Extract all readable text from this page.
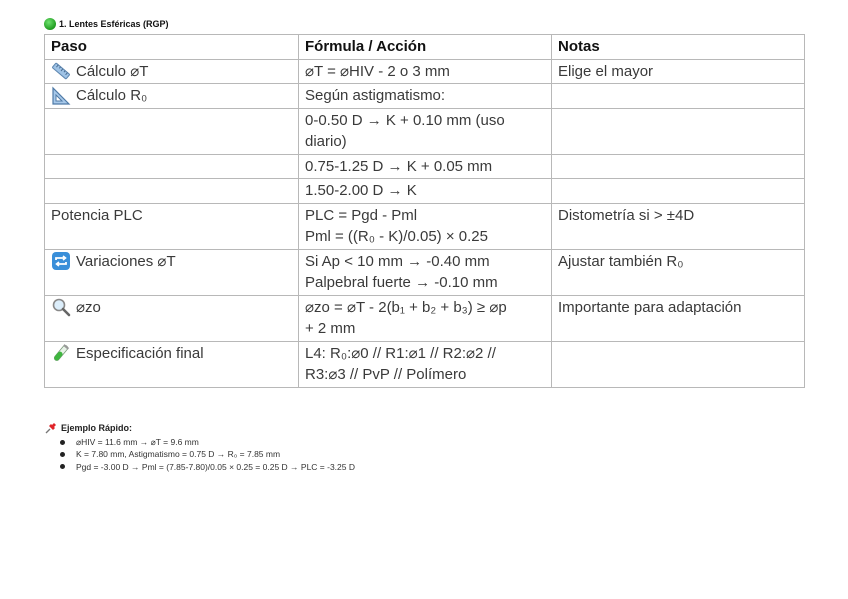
1. Lentes Esféricas (RGP)
Paso	Fórmula / Acción	Notas

Cálculo ⌀T	⌀T = ⌀HIV - 2 o 3 mm	Elige el mayor

Cálculo R₀	Según astigmatismo:	

	0-0.50 D → K + 0.10 mm (uso
diario)	

	0.75-1.25 D → K + 0.05 mm	
	1.50-2.00 D → K	
Potencia PLC	PLC = Pgd - Pml
Pml = ((R₀ - K)/0.05) × 0.25	Distometría si > ±4D

Variaciones ⌀T	Si Ap < 10 mm → -0.40 mm
Palpebral fuerte → -0.10 mm	Ajustar también R₀

⌀zo	⌀zo = ⌀T - 2(b₁ + b₂ + b₃) ≥ ⌀p
+ 2 mm	Importante para adaptación

Especificación final	L4: R₀:⌀0 // R1:⌀1 // R2:⌀2 //
R3:⌀3 // PvP // Polímero	

Ejemplo Rápido:
⌀HIV = 11.6 mm → ⌀T = 9.6 mm
K = 7.80 mm, Astigmatismo = 0.75 D → R₀ = 7.85 mm
Pgd = -3.00 D → Pml = (7.85-7.80)/0.05 × 0.25 = 0.25 D → PLC = -3.25 D
